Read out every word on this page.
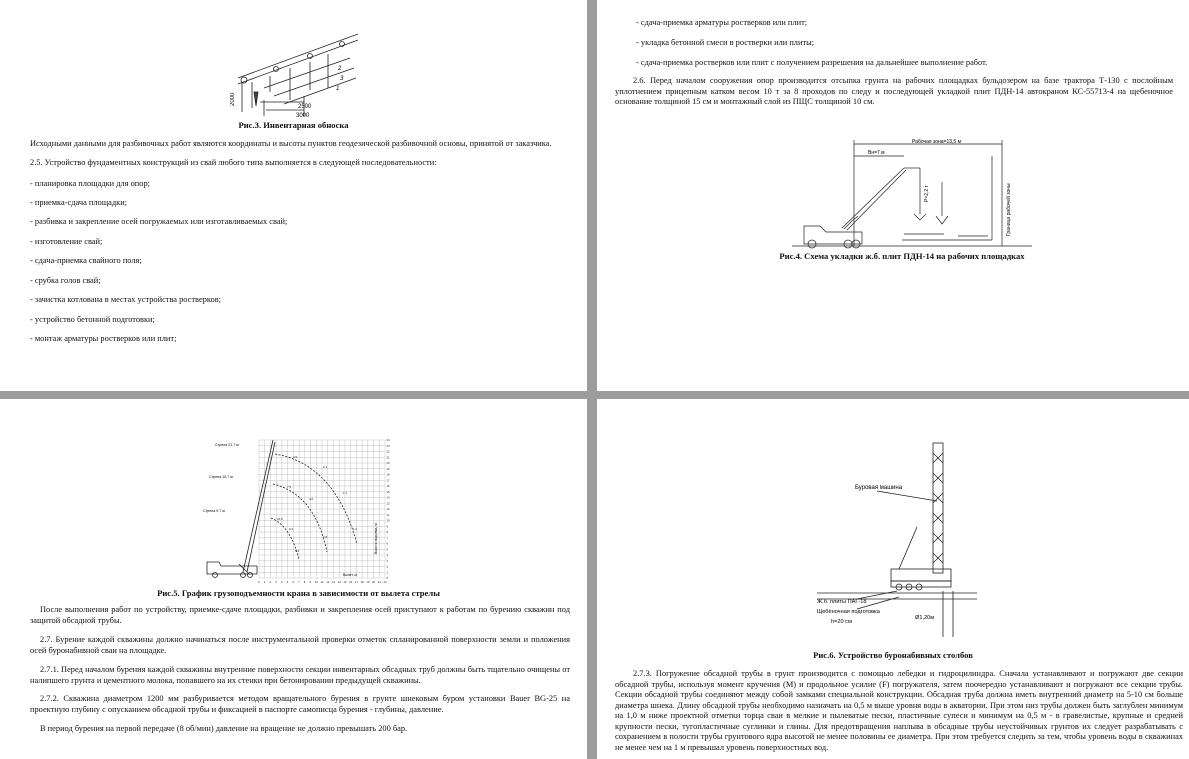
2000
2500
3000
1
2
3
Рис.3. Инвентарная обноска
Исходными данными для разбивочных работ являются координаты и высоты пунктов геодезической разбивочной основы, принятой от заказчика.
2.5. Устройство фундаментных конструкций из свай любого типа выполняется в следующей последовательности:
- планировка площадки для опор;
- приемка-сдача площадки;
- разбивка и закрепление осей погружаемых или изготавливаемых свай;
- изготовление свай;
- сдача-приемка свайного поля;
- срубка голов свай;
- зачистка котлована в местах устройства ростверков;
- устройство бетонной подготовки;
- монтаж арматуры ростверков или плит;
- сдача-приемка арматуры ростверков или плит;
- укладка бетонной смеси в ростверки или плиты;
- сдача-приемка ростверков или плит с получением разрешения на дальнейшее выполнение работ.
2.6. Перед началом сооружения опор производится отсыпка грунта на рабочих площадках бульдозером на базе трактора Т-130 с послойным уплотнением прицепным катком весом 10 т за 8 проходов по следу и последующей укладкой плит ПДН-14 автокраном КС-55713-4 на щебеночное основание толщиной 15 см и монтажный слой из ПЩС толщиной 10 см.
Рабочая зона=13,5 м
Вн=7 м
Р=2,2 т	Граница рабочей зоны
Рис.4. Схема укладки ж.б. плит ПДН-14 на рабочих площадках
Стрела 21,7 м
Стрела 15,7 м
Стрела 9,7 м
Вылет, м
Высота подъема, м
0 1 2 3 4 5 6 7 8 9 10 11 12 13 14 15 16 17 18 19 20 21 22
0
1
2
3
4
5
6
7
8
9
10
11
12
13
14
15
16
17
18
19
20
21
22
23
24
3,5
2,4
1,7
1,2
7,5
4,6
2,8
16,5
9,2
5,3
Рис.5. График грузоподъемности крана в зависимости от вылета стрелы
После выполнения работ по устройству, приемке-сдаче площадки, разбивки и закрепления осей приступают к работам по бурению скважин под защитой обсадной трубы.
2.7. Бурение каждой скважины должно начинаться после инструментальной проверки отметок спланированной поверхности земли и положения осей буронабивной сваи на площадке.
2.7.1. Перед началом бурения каждой скважины внутренние поверхности секции инвентарных обсадных труб должны быть тщательно очищены от налипшего грунта и цементного молока, попавшего на их стенки при бетонировании предыдущей скважины.
2.7.2. Скважина диаметром 1200 мм разбуривается методом вращательного бурения в грунте шнековым буром установки Bauer BG-25 на проектную глубину с опусканием обсадной трубы и фиксацией в паспорте самописца бурения - глубины, давление.
В период бурения на первой передаче (8 об/мин) давление на вращение не должно превышать 200 бар.
Буровая машина
Ж.б. плиты ПАГ-18
Щебёночная подготовка
h=20 см
Ø1,20м
Рис.6. Устройство буронабивных столбов
2.7.3. Погружение обсадной трубы в грунт производится с помощью лебедки и гидроцилиндра. Сначала устанавливают и погружают две секции обсадной трубы, используя момент кручения (М) и продольное усилие (F) погружателя, затем поочередно устанавливают и погружают все секции трубы. Секции обсадной трубы соединяют между собой замками специальной конструкции. Обсадная труба должна иметь внутренний диаметр на 5-10 см больше диаметра шнека. Длину обсадной трубы необходимо назначать на 0,5 м выше уровня воды в акватории. При этом низ трубы должен быть заглублен минимум на 1,0 м ниже проектной отметки торца сваи в мелкие и пылеватые пески, пластичные супеси и минимум на 0,5 м - в гравелистые, крупные и средней крупности пески, тугопластичные суглинки и глины. Для предотвращения наплыва в обсадные трубы неустойчивых грунтов их следует разрабатывать с сохранением в полости трубы грунтового ядра высотой не менее половины ее диаметра. При этом требуется следить за тем, чтобы уровень воды в скважинах не менее чем на 1 м превышал уровень поверхностных вод.
